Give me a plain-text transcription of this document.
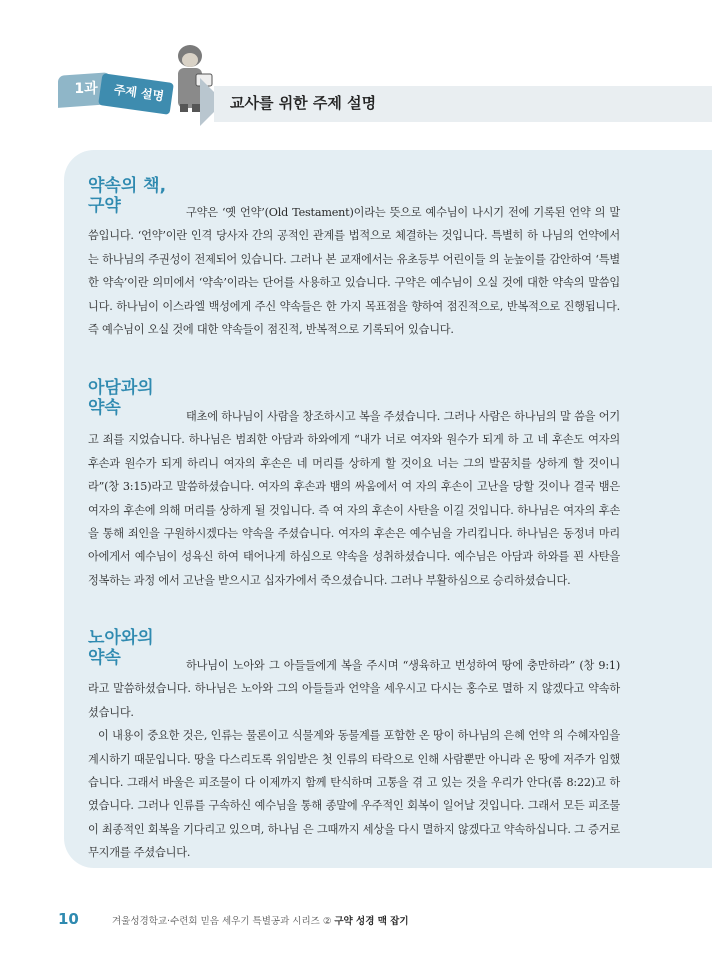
1과	주제 설명	교사를 위한 주제 설명
약속의 책,
구약	구약은 ‘옛 언약’(Old Testament)이라는 뜻으로 예수님이 나시기 전에 기록된 언약 의 말씀입니다. ‘언약’이란 인격 당사자 간의 공적인 관계를 법적으로 체결하는 것입니다. 특별히 하 나님의 언약에서는 하나님의 주권성이 전제되어 있습니다. 그러나 본 교재에서는 유초등부 어린이들 의 눈높이를 감안하여 ‘특별한 약속’이란 의미에서 ‘약속’이라는 단어를 사용하고 있습니다. 구약은 예수님이 오실 것에 대한 약속의 말씀입니다. 하나님이 이스라엘 백성에게 주신 약속들은 한 가지 목표점을 향하여 점진적으로, 반복적으로 진행됩니다. 즉 예수님이 오실 것에 대한 약속들이 점진적, 반복적으로 기록되어 있습니다.

아담과의
약속	태초에 하나님이 사람을 창조하시고 복을 주셨습니다. 그러나 사람은 하나님의 말 씀을 어기고 죄를 지었습니다. 하나님은 범죄한 아담과 하와에게 “내가 너로 여자와 원수가 되게 하 고 네 후손도 여자의 후손과 원수가 되게 하리니 여자의 후손은 네 머리를 상하게 할 것이요 너는 그의 발꿈치를 상하게 할 것이니라”(창 3:15)라고 말씀하셨습니다. 여자의 후손과 뱀의 싸움에서 여 자의 후손이 고난을 당할 것이나 결국 뱀은 여자의 후손에 의해 머리를 상하게 될 것입니다. 즉 여 자의 후손이 사탄을 이길 것입니다. 하나님은 여자의 후손을 통해 죄인을 구원하시겠다는 약속을 주셨습니다. 여자의 후손은 예수님을 가리킵니다. 하나님은 동정녀 마리아에게서 예수님이 성육신 하여 태어나게 하심으로 약속을 성취하셨습니다. 예수님은 아담과 하와를 꾄 사탄을 정복하는 과정 에서 고난을 받으시고 십자가에서 죽으셨습니다. 그러나 부활하심으로 승리하셨습니다.

노아와의
약속	하나님이 노아와 그 아들들에게 복을 주시며 “생육하고 번성하여 땅에 충만하라” (창 9:1)라고 말씀하셨습니다. 하나님은 노아와 그의 아들들과 언약을 세우시고 다시는 홍수로 멸하 지 않겠다고 약속하셨습니다.

이 내용이 중요한 것은, 인류는 물론이고 식물계와 동물계를 포함한 온 땅이 하나님의 은혜 언약 의 수혜자임을 계시하기 때문입니다. 땅을 다스리도록 위임받은 첫 인류의 타락으로 인해 사람뿐만 아니라 온 땅에 저주가 임했습니다. 그래서 바울은 피조물이 다 이제까지 함께 탄식하며 고통을 겪 고 있는 것을 우리가 안다(롬 8:22)고 하였습니다. 그러나 인류를 구속하신 예수님을 통해 종말에 우주적인 회복이 일어날 것입니다. 그래서 모든 피조물이 최종적인 회복을 기다리고 있으며, 하나님 은 그때까지 세상을 다시 멸하지 않겠다고 약속하십니다. 그 증거로 무지개를 주셨습니다.

10	겨울성경학교·수련회 믿음 세우기 특별공과 시리즈 ② 구약 성경 맥 잡기
